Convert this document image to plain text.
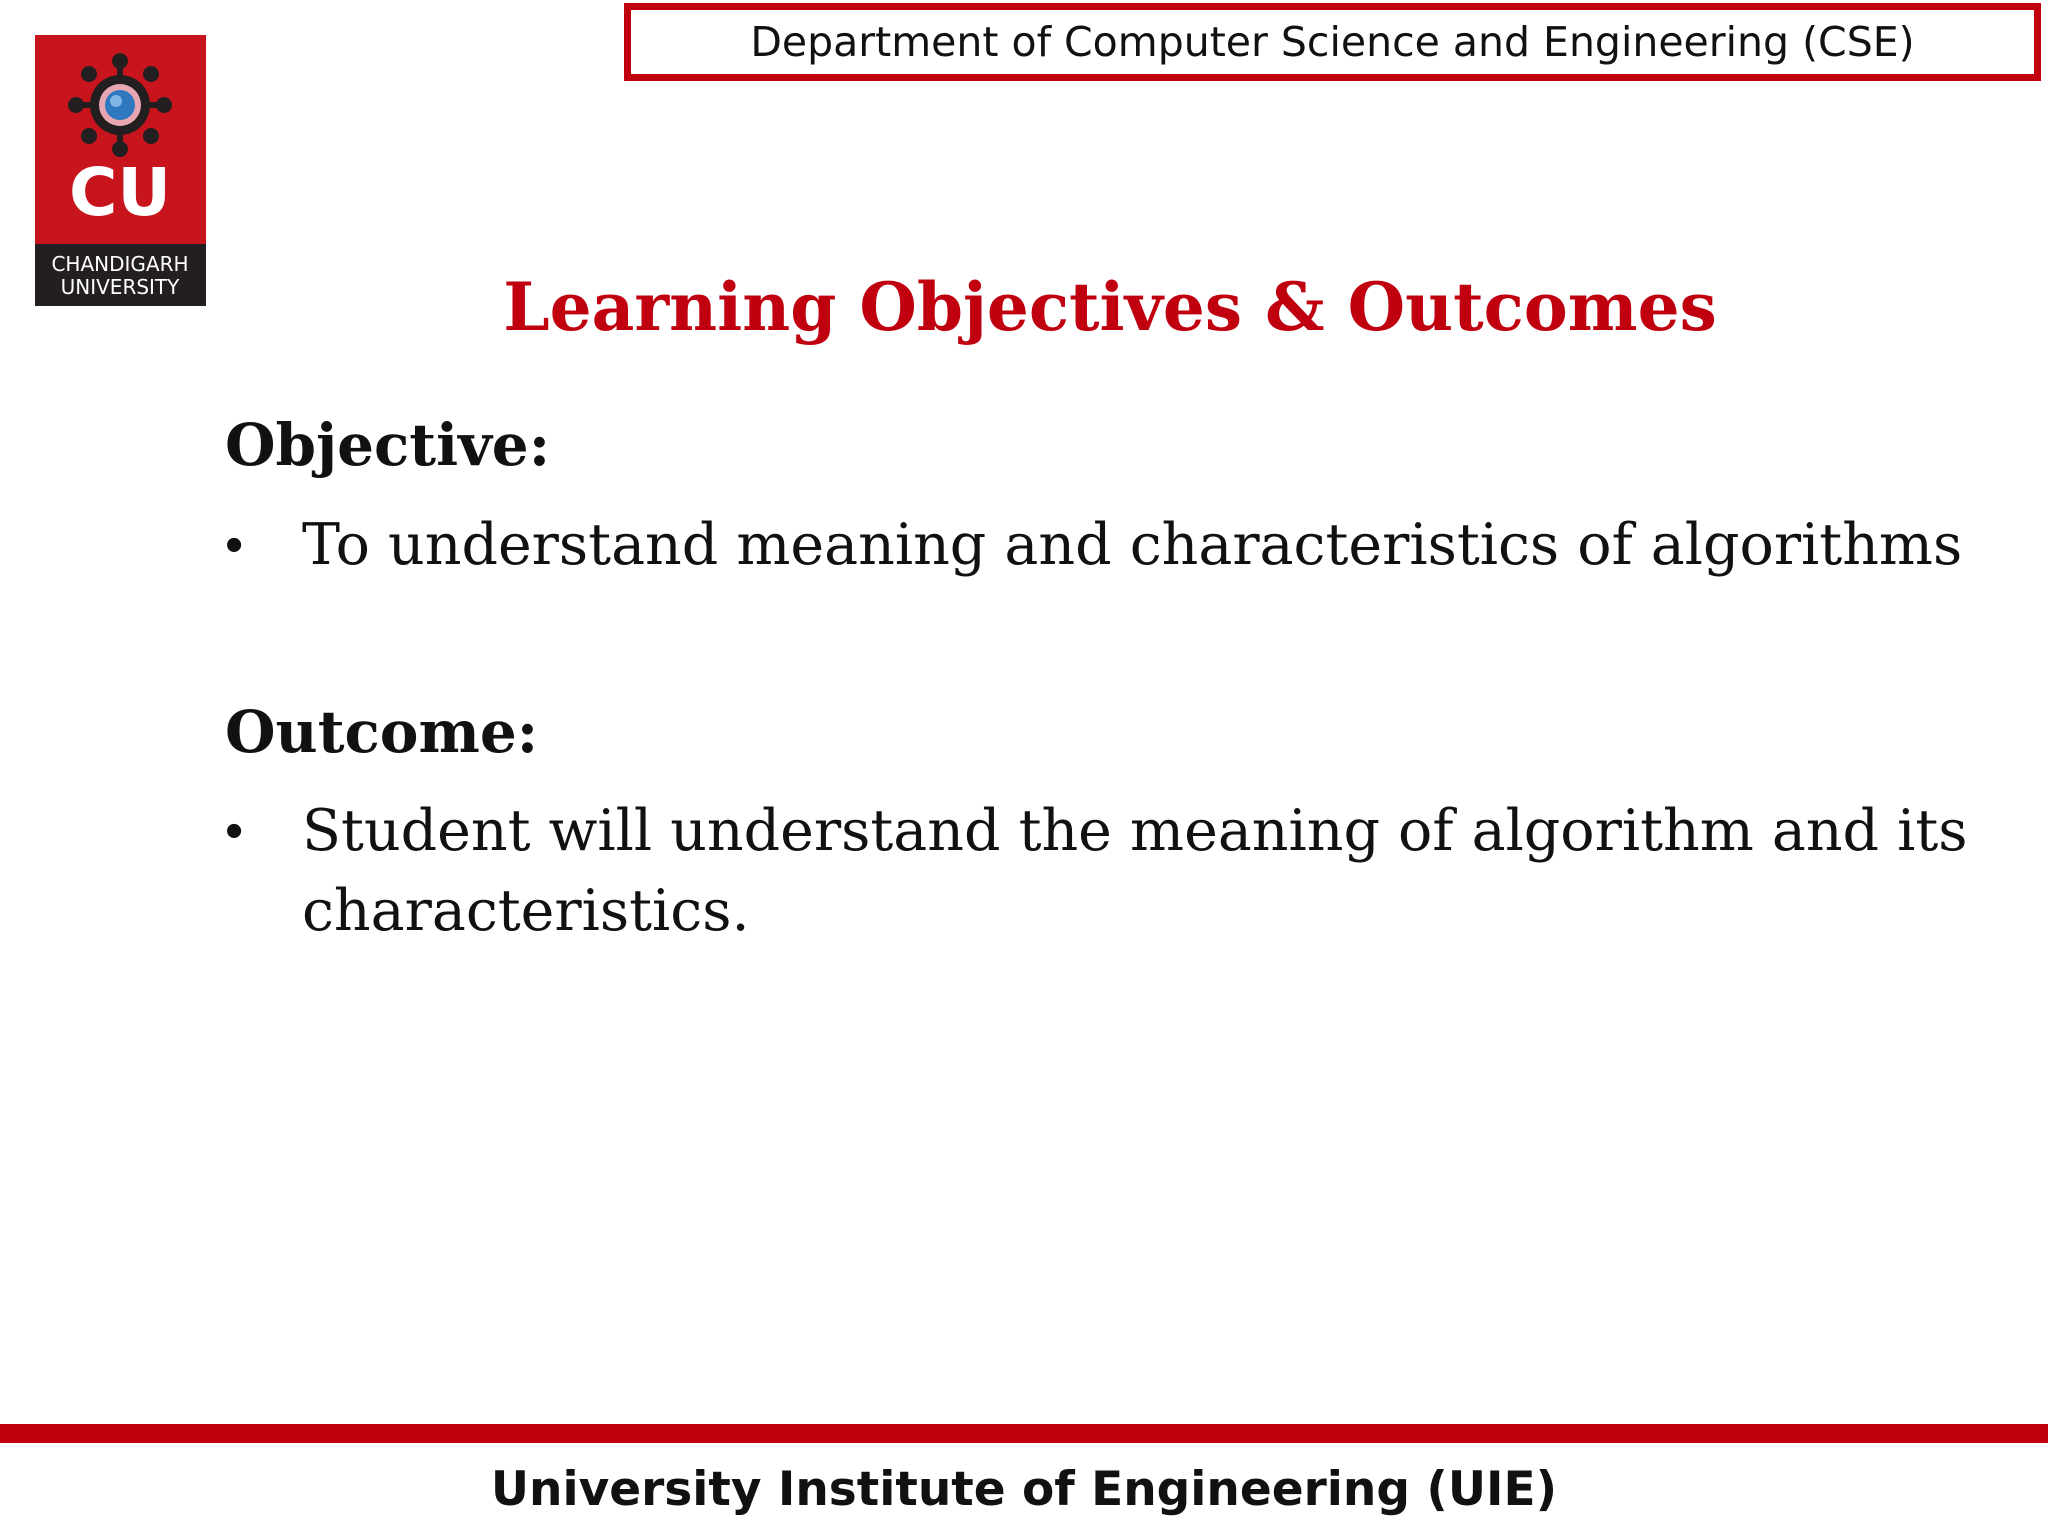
Department of Computer Science and Engineering (CSE)
CU
CHANDIGARH
UNIVERSITY	Learning Objectives & Outcomes
Objective:
• To understand meaning and characteristics of algorithms
Outcome:
• Student will understand the meaning of algorithm and its characteristics.
University Institute of Engineering (UIE)
